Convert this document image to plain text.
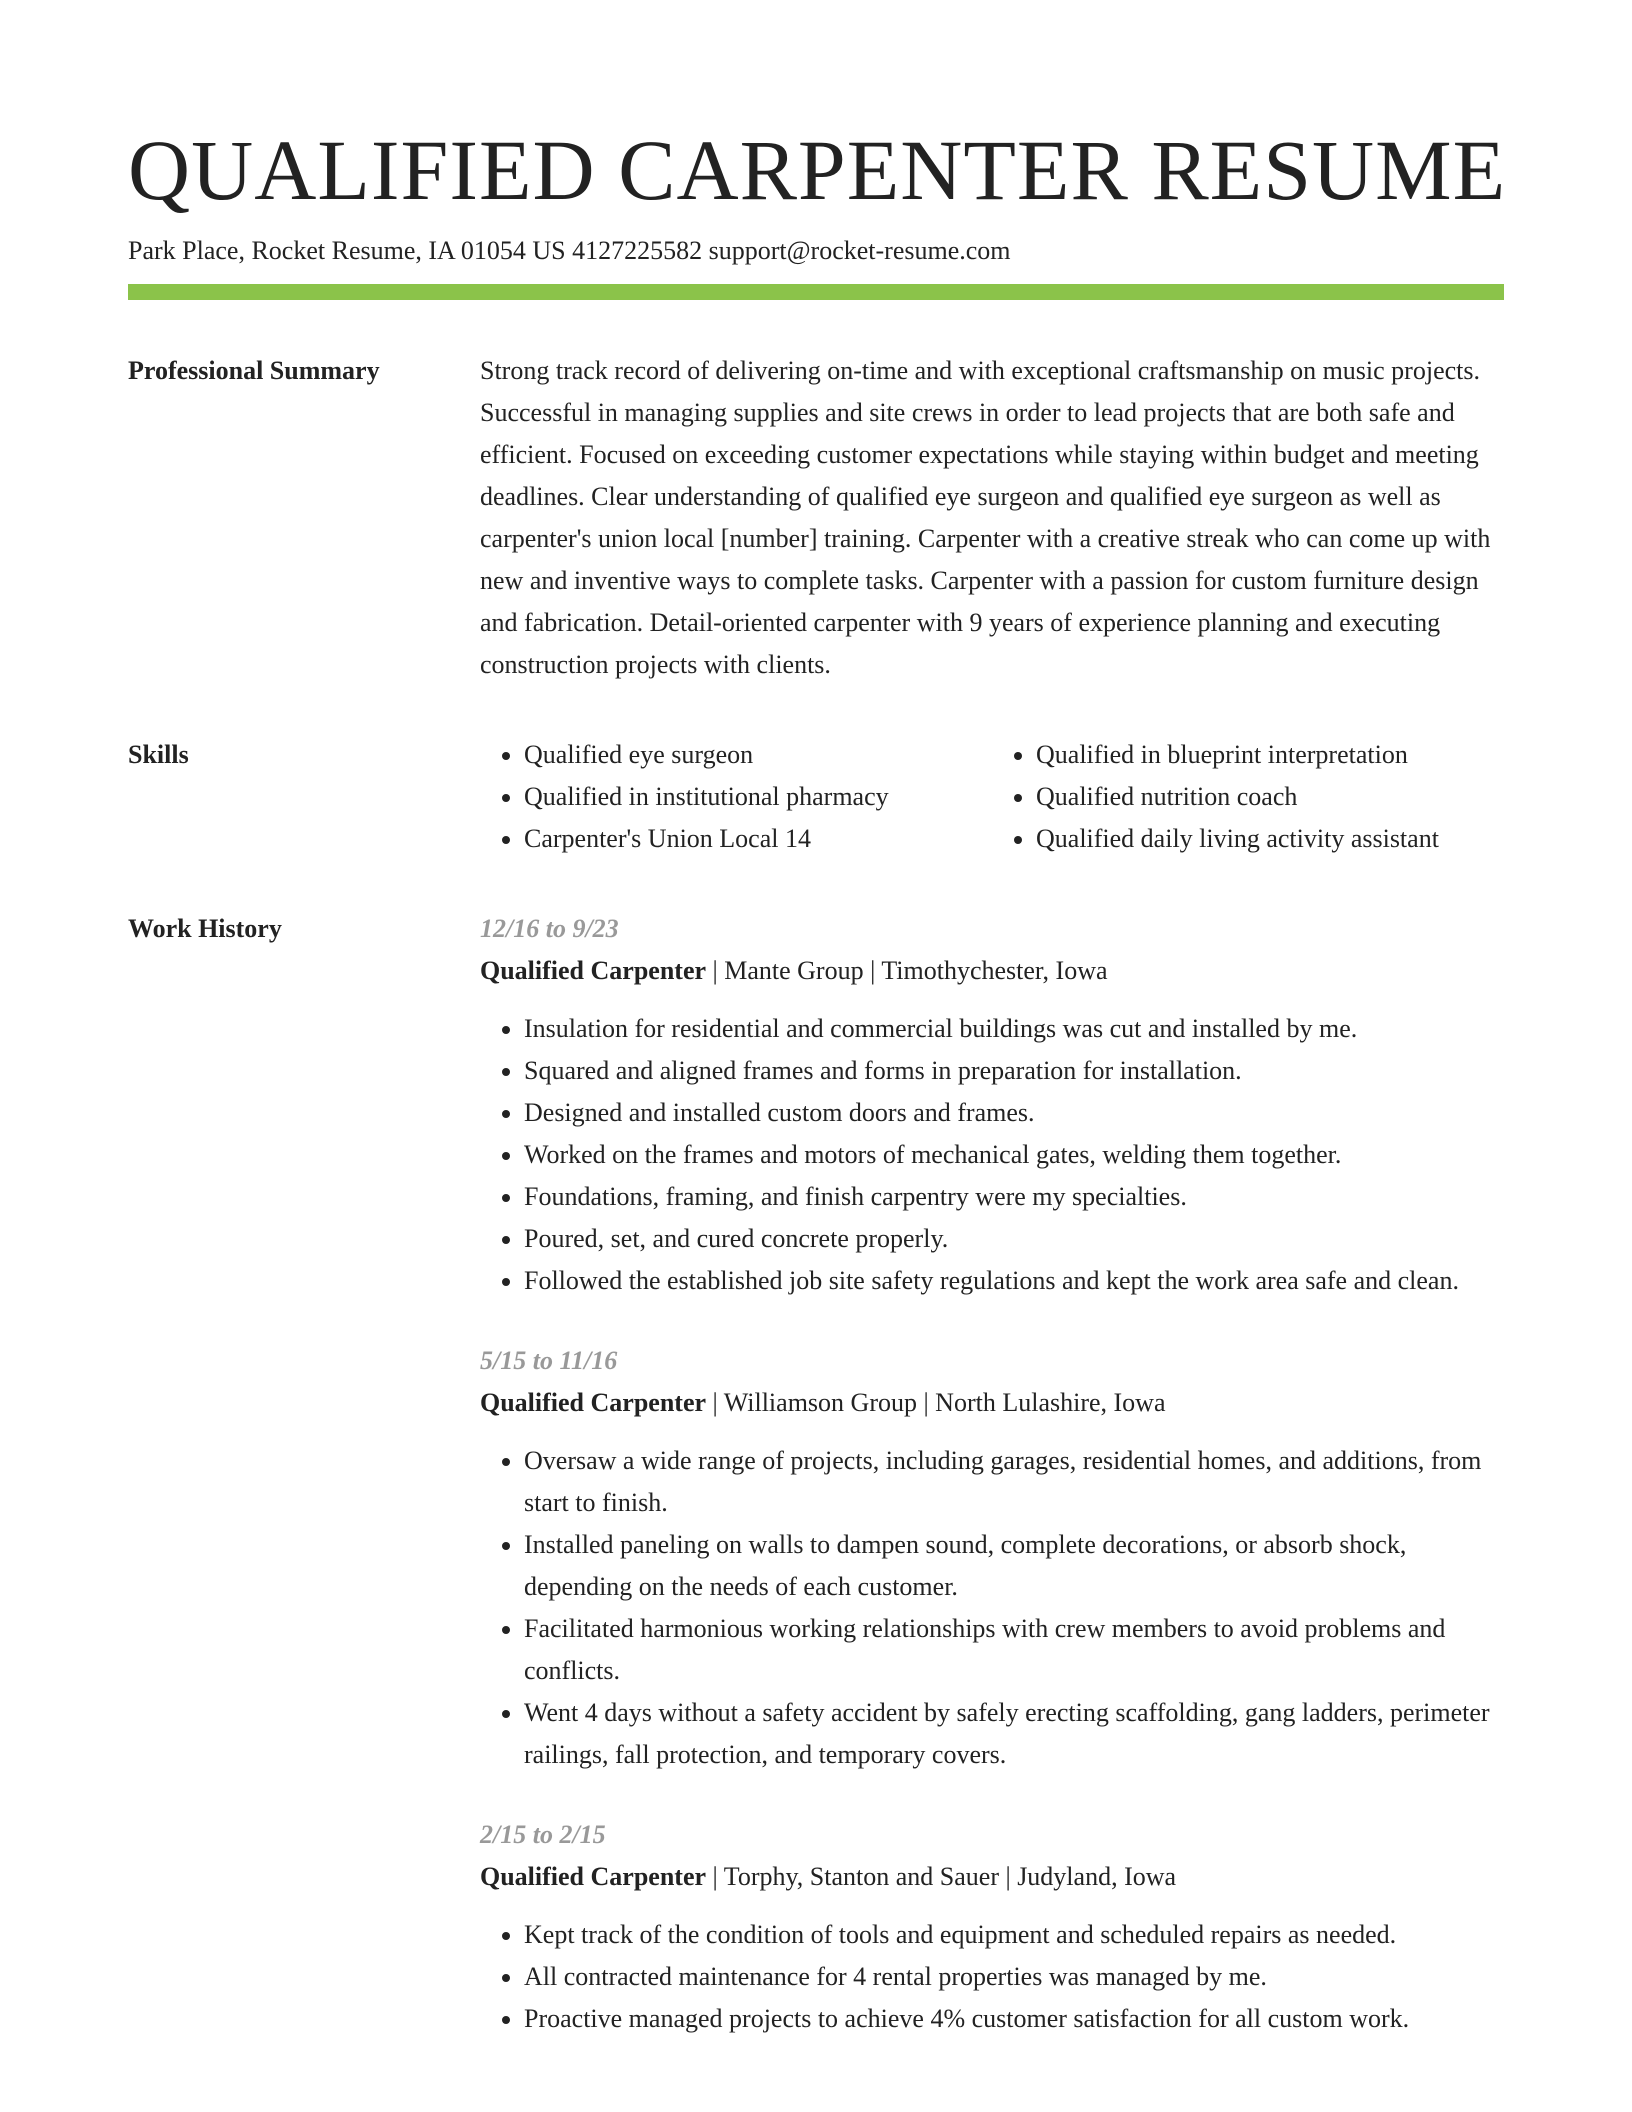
QUALIFIED CARPENTER RESUME
Park Place, Rocket Resume, IA 01054 US 4127225582 support@rocket-resume.com
Professional Summary	Strong track record of delivering on-time and with exceptional craftsmanship on music projects. Successful in managing supplies and site crews in order to lead projects that are both safe and efficient. Focused on exceeding customer expectations while staying within budget and meeting deadlines. Clear understanding of qualified eye surgeon and qualified eye surgeon as well as carpenter's union local [number] training. Carpenter with a creative streak who can come up with new and inventive ways to complete tasks. Carpenter with a passion for custom furniture design and fabrication. Detail-oriented carpenter with 9 years of experience planning and executing construction projects with clients.

Skills
•	Qualified eye surgeon
• Qualified in institutional pharmacy
• Carpenter's Union Local 14
• Qualified in blueprint interpretation
• Qualified nutrition coach
• Qualified daily living activity assistant
Work History	12/16 to 9/23
Qualified Carpenter | Mante Group | Timothychester, Iowa
• Insulation for residential and commercial buildings was cut and installed by me.
• Squared and aligned frames and forms in preparation for installation.
• Designed and installed custom doors and frames.
• Worked on the frames and motors of mechanical gates, welding them together.
• Foundations, framing, and finish carpentry were my specialties.
• Poured, set, and cured concrete properly.
• Followed the established job site safety regulations and kept the work area safe and clean.
5/15 to 11/16
Qualified Carpenter | Williamson Group | North Lulashire, Iowa
• Oversaw a wide range of projects, including garages, residential homes, and additions, from start to finish.
• Installed paneling on walls to dampen sound, complete decorations, or absorb shock, depending on the needs of each customer.
• Facilitated harmonious working relationships with crew members to avoid problems and conflicts.
• Went 4 days without a safety accident by safely erecting scaffolding, gang ladders, perimeter railings, fall protection, and temporary covers.
2/15 to 2/15
Qualified Carpenter | Torphy, Stanton and Sauer | Judyland, Iowa
• Kept track of the condition of tools and equipment and scheduled repairs as needed.
• All contracted maintenance for 4 rental properties was managed by me.
• Proactive managed projects to achieve 4% customer satisfaction for all custom work.
